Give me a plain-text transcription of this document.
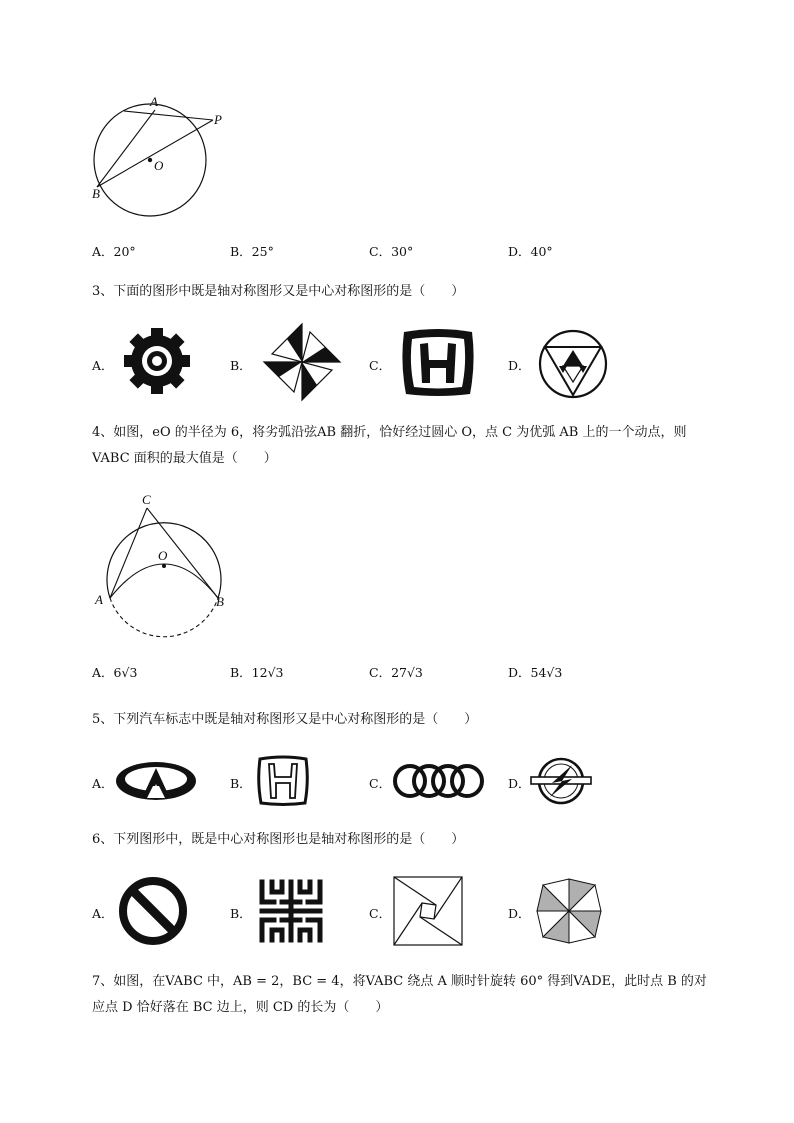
A
P
O
B
A．20°	B．25°	C．30°	D．40°
3、下面的图形中既是轴对称图形又是中心对称图形的是（　　）
A．	B．	C．	D．
4、如图，eO 的半径为 6，将劣弧沿弦AB 翻折，恰好经过圆心 O，点 C 为优弧 AB 上的一个动点，则
VABC 面积的最大值是（　　）
C
O
A	B
A．6√3	B．12√3	C．27√3	D．54√3
5、下列汽车标志中既是轴对称图形又是中心对称图形的是（　　）
A．	B．	C．	D．
6、下列图形中，既是中心对称图形也是轴对称图形的是（　　）
A．	B．	C．	D．
7、如图，在VABC 中，AB = 2，BC = 4，将VABC 绕点 A 顺时针旋转 60° 得到VADE，此时点 B 的对
应点 D 恰好落在 BC 边上，则 CD 的长为（　　）
